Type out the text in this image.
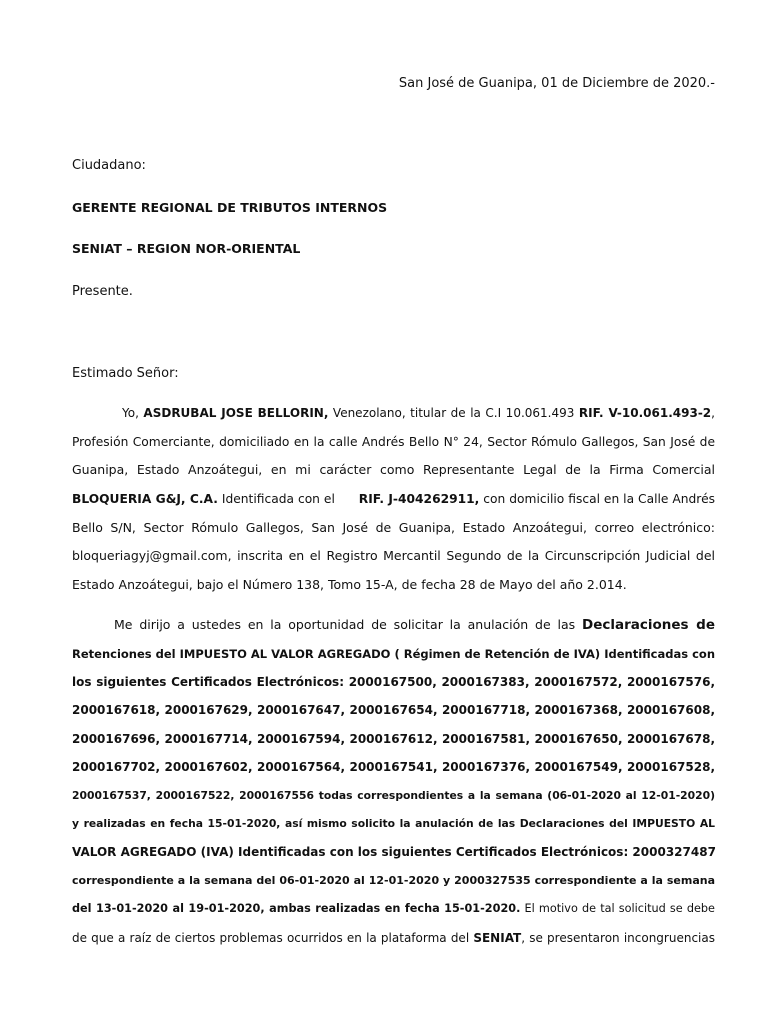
San José de Guanipa, 01 de Diciembre de 2020.-
Ciudadano:
GERENTE REGIONAL DE TRIBUTOS INTERNOS
SENIAT – REGION NOR-ORIENTAL
Presente.
Estimado Señor:
Yo, ASDRUBAL JOSE BELLORIN, Venezolano, titular de la C.I 10.061.493 RIF. V-10.061.493-2,
Profesión Comerciante, domiciliado en la calle Andrés Bello N° 24, Sector Rómulo Gallegos, San José de
Guanipa, Estado Anzoátegui, en mi carácter como Representante Legal de la Firma Comercial
BLOQUERIA G&J, C.A. Identificada con el RIF. J-404262911, con domicilio fiscal en la Calle Andrés
Bello S/N, Sector Rómulo Gallegos, San José de Guanipa, Estado Anzoátegui, correo electrónico:
bloqueriagyj@gmail.com, inscrita en el Registro Mercantil Segundo de la Circunscripción Judicial del
Estado Anzoátegui, bajo el Número 138, Tomo 15-A, de fecha 28 de Mayo del año 2.014.
Me dirijo a ustedes en la oportunidad de solicitar la anulación de las Declaraciones de
Retenciones del IMPUESTO AL VALOR AGREGADO ( Régimen de Retención de IVA) Identificadas con
los siguientes Certificados Electrónicos: 2000167500, 2000167383, 2000167572, 2000167576,
2000167618, 2000167629, 2000167647, 2000167654, 2000167718, 2000167368, 2000167608,
2000167696, 2000167714, 2000167594, 2000167612, 2000167581, 2000167650, 2000167678,
2000167702, 2000167602, 2000167564, 2000167541, 2000167376, 2000167549, 2000167528,
2000167537, 2000167522, 2000167556 todas correspondientes a la semana (06-01-2020 al 12-01-2020)
y realizadas en fecha 15-01-2020, así mismo solicito la anulación de las Declaraciones del IMPUESTO AL
VALOR AGREGADO (IVA) Identificadas con los siguientes Certificados Electrónicos: 2000327487
correspondiente a la semana del 06-01-2020 al 12-01-2020 y 2000327535 correspondiente a la semana
del 13-01-2020 al 19-01-2020, ambas realizadas en fecha 15-01-2020. El motivo de tal solicitud se debe
de que a raíz de ciertos problemas ocurridos en la plataforma del SENIAT, se presentaron incongruencias
